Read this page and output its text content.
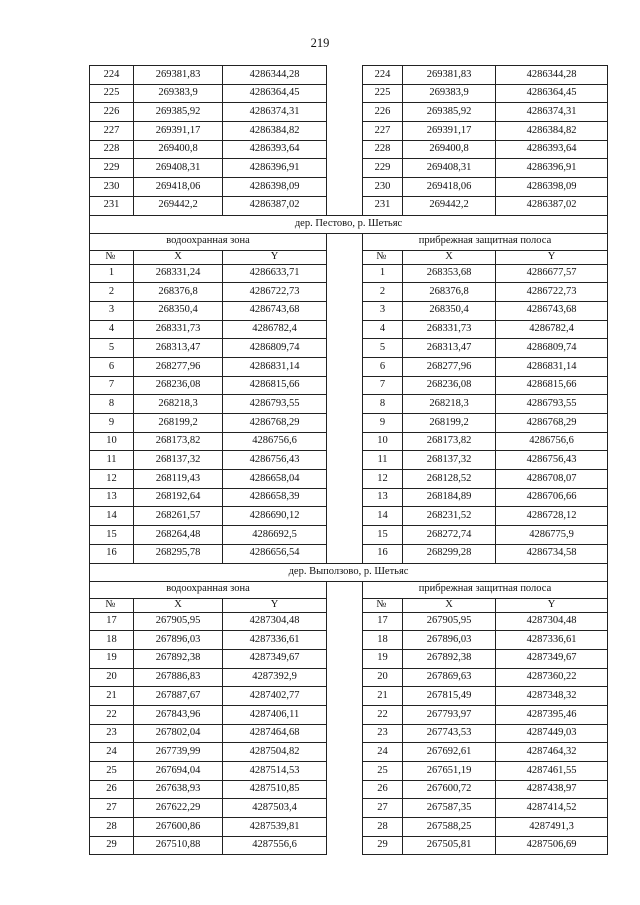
219
224	269381,83	4286344,28		224	269381,83	4286344,28
225	269383,9	4286364,45		225	269383,9	4286364,45
226	269385,92	4286374,31		226	269385,92	4286374,31
227	269391,17	4286384,82		227	269391,17	4286384,82
228	269400,8	4286393,64		228	269400,8	4286393,64
229	269408,31	4286396,91		229	269408,31	4286396,91
230	269418,06	4286398,09		230	269418,06	4286398,09
231	269442,2	4286387,02		231	269442,2	4286387,02
дер. Пестово, р. Шетьяс						
водоохранная зона				прибрежная защитная полоса		
№	X	Y		№	X	Y
1	268331,24	4286633,71		1	268353,68	4286677,57
2	268376,8	4286722,73		2	268376,8	4286722,73
3	268350,4	4286743,68		3	268350,4	4286743,68
4	268331,73	4286782,4		4	268331,73	4286782,4
5	268313,47	4286809,74		5	268313,47	4286809,74
6	268277,96	4286831,14		6	268277,96	4286831,14
7	268236,08	4286815,66		7	268236,08	4286815,66
8	268218,3	4286793,55		8	268218,3	4286793,55
9	268199,2	4286768,29		9	268199,2	4286768,29
10	268173,82	4286756,6		10	268173,82	4286756,6
11	268137,32	4286756,43		11	268137,32	4286756,43
12	268119,43	4286658,04		12	268128,52	4286708,07
13	268192,64	4286658,39		13	268184,89	4286706,66
14	268261,57	4286690,12		14	268231,52	4286728,12
15	268264,48	4286692,5		15	268272,74	4286775,9
16	268295,78	4286656,54		16	268299,28	4286734,58
дер. Выползово, р. Шетьяс						
водоохранная зона				прибрежная защитная полоса		
№	X	Y		№	X	Y
17	267905,95	4287304,48		17	267905,95	4287304,48
18	267896,03	4287336,61		18	267896,03	4287336,61
19	267892,38	4287349,67		19	267892,38	4287349,67
20	267886,83	4287392,9		20	267869,63	4287360,22
21	267887,67	4287402,77		21	267815,49	4287348,32
22	267843,96	4287406,11		22	267793,97	4287395,46
23	267802,04	4287464,68		23	267743,53	4287449,03
24	267739,99	4287504,82		24	267692,61	4287464,32
25	267694,04	4287514,53		25	267651,19	4287461,55
26	267638,93	4287510,85		26	267600,72	4287438,97
27	267622,29	4287503,4		27	267587,35	4287414,52
28	267600,86	4287539,81		28	267588,25	4287491,3
29	267510,88	4287556,6		29	267505,81	4287506,69
